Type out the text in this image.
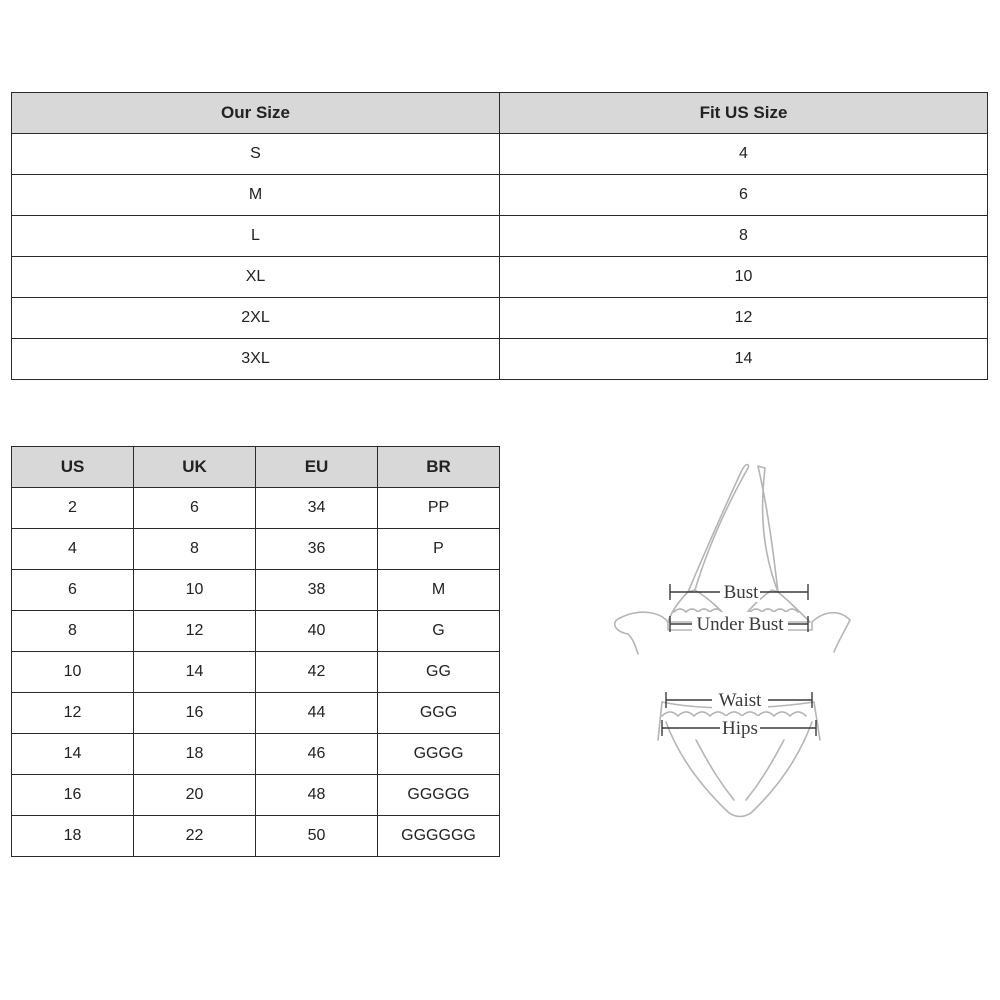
Our Size	Fit US Size
S	4
M	6
L	8
XL	10
2XL	12
3XL	14
US	UK	EU	BR
2	6	34	PP
4	8	36	P
6	10	38	M
8	12	40	G
10	14	42	GG
12	16	44	GGG
14	18	46	GGGG
16	20	48	GGGGG
18	22	50	GGGGGG
Bust
Under Bust
Waist
Hips
